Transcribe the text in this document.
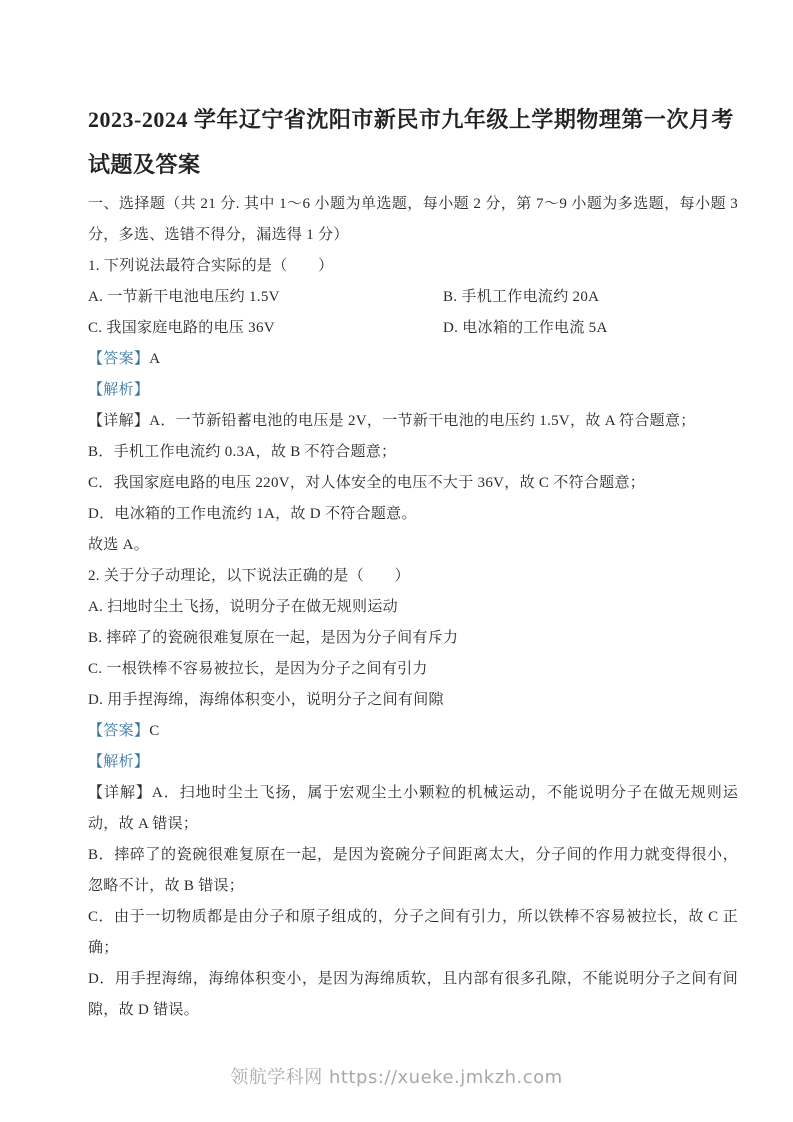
2023-2024 学年辽宁省沈阳市新民市九年级上学期物理第一次月考试题及答案

一、选择题（共 21 分. 其中 1～6 小题为单选题，每小题 2 分，第 7～9 小题为多选题，每小题 3 分，多选、选错不得分，漏选得 1 分）

1. 下列说法最符合实际的是（　　）

A. 一节新干电池电压约 1.5V	B. 手机工作电流约 20A
C. 我国家庭电路的电压 36V	D. 电冰箱的工作电流 5A

【答案】A

【解析】

【详解】A．一节新铅蓄电池的电压是 2V，一节新干电池的电压约 1.5V，故 A 符合题意；

B．手机工作电流约 0.3A，故 B 不符合题意；

C．我国家庭电路的电压 220V，对人体安全的电压不大于 36V，故 C 不符合题意；

D．电冰箱的工作电流约 1A，故 D 不符合题意。

故选 A。

2. 关于分子动理论，以下说法正确的是（　　）

A. 扫地时尘土飞扬，说明分子在做无规则运动

B. 摔碎了的瓷碗很难复原在一起，是因为分子间有斥力

C. 一根铁棒不容易被拉长，是因为分子之间有引力

D. 用手捏海绵，海绵体积变小，说明分子之间有间隙

【答案】C

【解析】

【详解】A．扫地时尘土飞扬，属于宏观尘土小颗粒的机械运动，不能说明分子在做无规则运动，故 A 错误；

B．摔碎了的瓷碗很难复原在一起，是因为瓷碗分子间距离太大，分子间的作用力就变得很小，忽略不计，故 B 错误；

C．由于一切物质都是由分子和原子组成的，分子之间有引力，所以铁棒不容易被拉长，故 C 正确；

D．用手捏海绵，海绵体积变小，是因为海绵质软，且内部有很多孔隙，不能说明分子之间有间隙，故 D 错误。

领航学科网 https://xueke.jmkzh.com
